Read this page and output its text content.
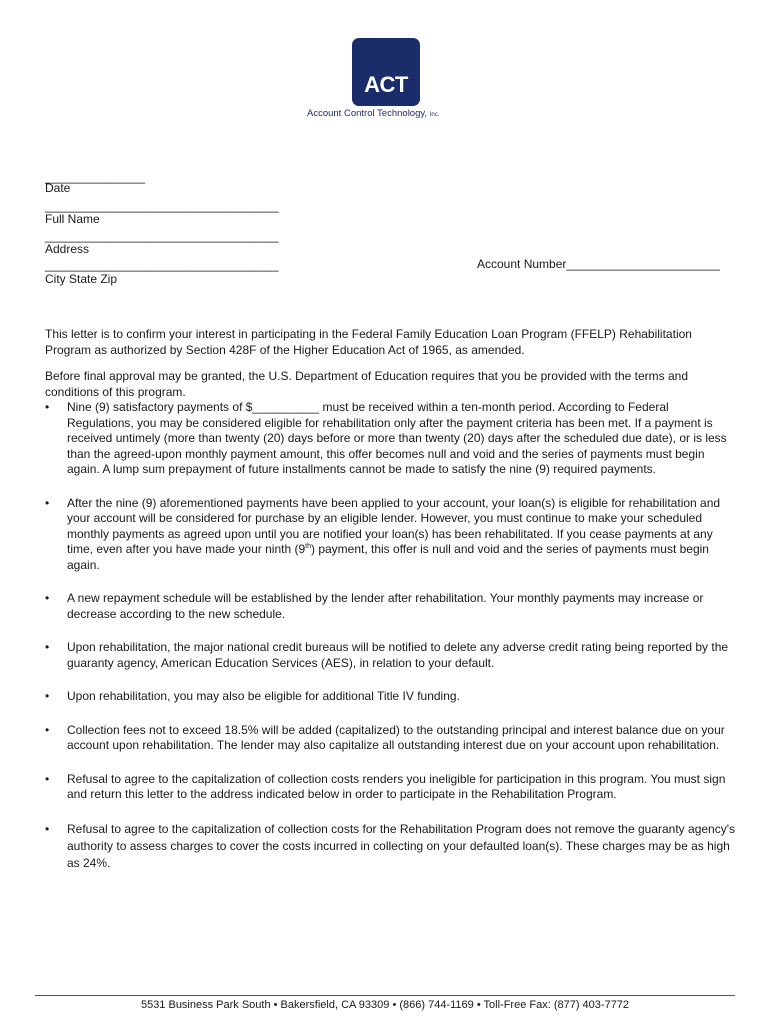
ACT
Account Control Technology, Inc.
_______________
Date
___________________________________
Full Name
___________________________________
Address
___________________________________
City State Zip
Account Number_______________________

This letter is to confirm your interest in participating in the Federal Family Education Loan Program (FFELP) Rehabilitation Program as authorized by Section 428F of the Higher Education Act of 1965, as amended.

Before final approval may be granted, the U.S. Department of Education requires that you be provided with the terms and conditions of this program.

• Nine (9) satisfactory payments of $__________ must be received within a ten-month period. According to Federal Regulations, you may be considered eligible for rehabilitation only after the payment criteria has been met. If a payment is received untimely (more than twenty (20) days before or more than twenty (20) days after the scheduled due date), or is less than the agreed-upon monthly payment amount, this offer becomes null and void and the series of payments must begin again. A lump sum prepayment of future installments cannot be made to satisfy the nine (9) required payments.
• After the nine (9) aforementioned payments have been applied to your account, your loan(s) is eligible for rehabilitation and your account will be considered for purchase by an eligible lender. However, you must continue to make your scheduled monthly payments as agreed upon until you are notified your loan(s) has been rehabilitated. If you cease payments at any time, even after you have made your ninth (9th) payment, this offer is null and void and the series of payments must begin again.
• A new repayment schedule will be established by the lender after rehabilitation. Your monthly payments may increase or decrease according to the new schedule.
• Upon rehabilitation, the major national credit bureaus will be notified to delete any adverse credit rating being reported by the guaranty agency, American Education Services (AES), in relation to your default.
• Upon rehabilitation, you may also be eligible for additional Title IV funding.
• Collection fees not to exceed 18.5% will be added (capitalized) to the outstanding principal and interest balance due on your account upon rehabilitation. The lender may also capitalize all outstanding interest due on your account upon rehabilitation.
• Refusal to agree to the capitalization of collection costs renders you ineligible for participation in this program. You must sign and return this letter to the address indicated below in order to participate in the Rehabilitation Program.
• Refusal to agree to the capitalization of collection costs for the Rehabilitation Program does not remove the guaranty agency's authority to assess charges to cover the costs incurred in collecting on your defaulted loan(s). These charges may be as high as 24%.
5531 Business Park South • Bakersfield, CA 93309 • (866) 744-1169 • Toll-Free Fax: (877) 403-7772
